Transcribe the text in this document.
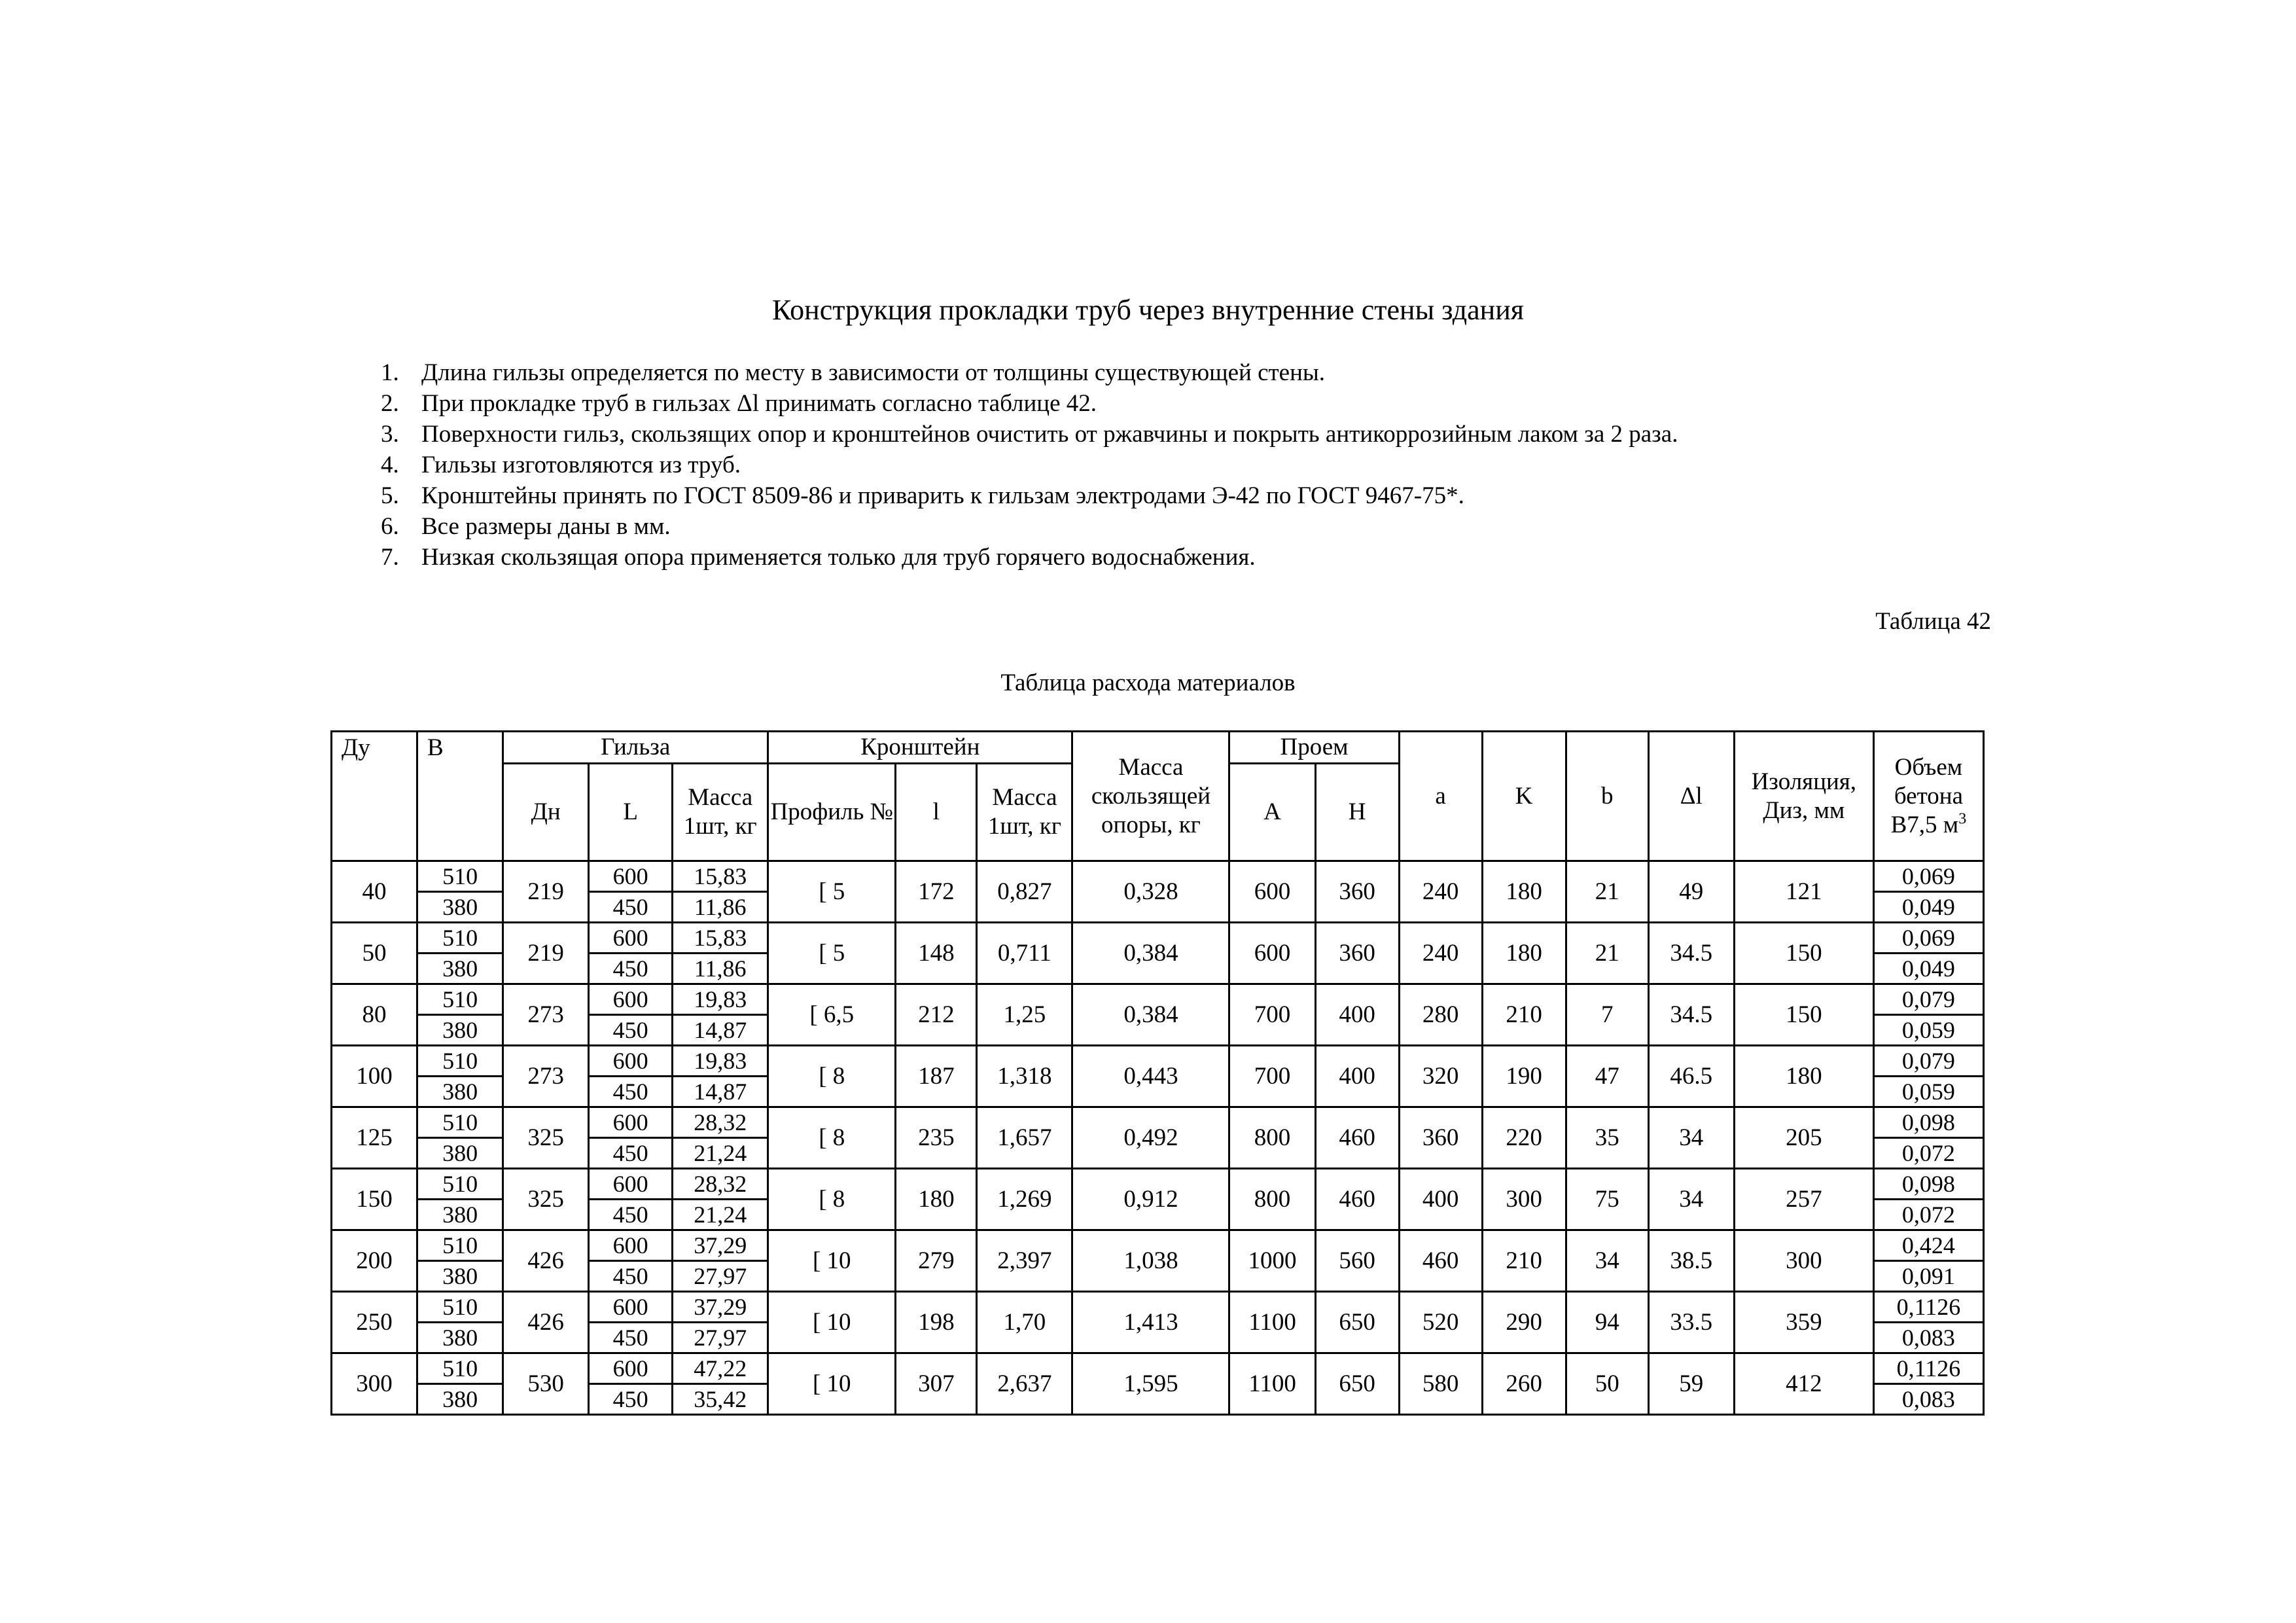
Конструкция прокладки труб через внутренние стены здания
1. Длина гильзы определяется по месту в зависимости от толщины существующей стены.
2. При прокладке труб в гильзах Δl принимать согласно таблице 42.
3. Поверхности гильз, скользящих опор и кронштейнов очистить от ржавчины и покрыть антикоррозийным лаком за 2 раза.
4. Гильзы изготовляются из труб.
5. Кронштейны принять по ГОСТ 8509-86 и приварить к гильзам электродами Э-42 по ГОСТ 9467-75*.
6. Все размеры даны в мм.
7. Низкая скользящая опора применяется только для труб горячего водоснабжения.
Таблица 42
Таблица расхода материалов
Ду	B	Гильза			Кронштейн			Масса скользящей опоры, кг	Проем		a	K	b	Δl	Изоляция, Диз, мм	Объем бетона В7,5 $м^3$
		Дн	L	Масса 1шт, кг	Профиль №	l	Масса 1шт, кг		A	H						
40	510	219	600	15,83	[ 5	172	0,827	0,328	600	360	240	180	21	49	121	0,069
	380		450	11,86												0,049
50	510	219	600	15,83	[ 5	148	0,711	0,384	600	360	240	180	21	34.5	150	0,069
	380		450	11,86												0,049
80	510	273	600	19,83	[ 6,5	212	1,25	0,384	700	400	280	210	7	34.5	150	0,079
	380		450	14,87												0,059
100	510	273	600	19,83	[ 8	187	1,318	0,443	700	400	320	190	47	46.5	180	0,079
	380		450	14,87												0,059
125	510	325	600	28,32	[ 8	235	1,657	0,492	800	460	360	220	35	34	205	0,098
	380		450	21,24												0,072
150	510	325	600	28,32	[ 8	180	1,269	0,912	800	460	400	300	75	34	257	0,098
	380		450	21,24												0,072
200	510	426	600	37,29	[ 10	279	2,397	1,038	1000	560	460	210	34	38.5	300	0,424
	380		450	27,97												0,091
250	510	426	600	37,29	[ 10	198	1,70	1,413	1100	650	520	290	94	33.5	359	0,1126
	380		450	27,97												0,083
300	510	530	600	47,22	[ 10	307	2,637	1,595	1100	650	580	260	50	59	412	0,1126
	380		450	35,42												0,083
